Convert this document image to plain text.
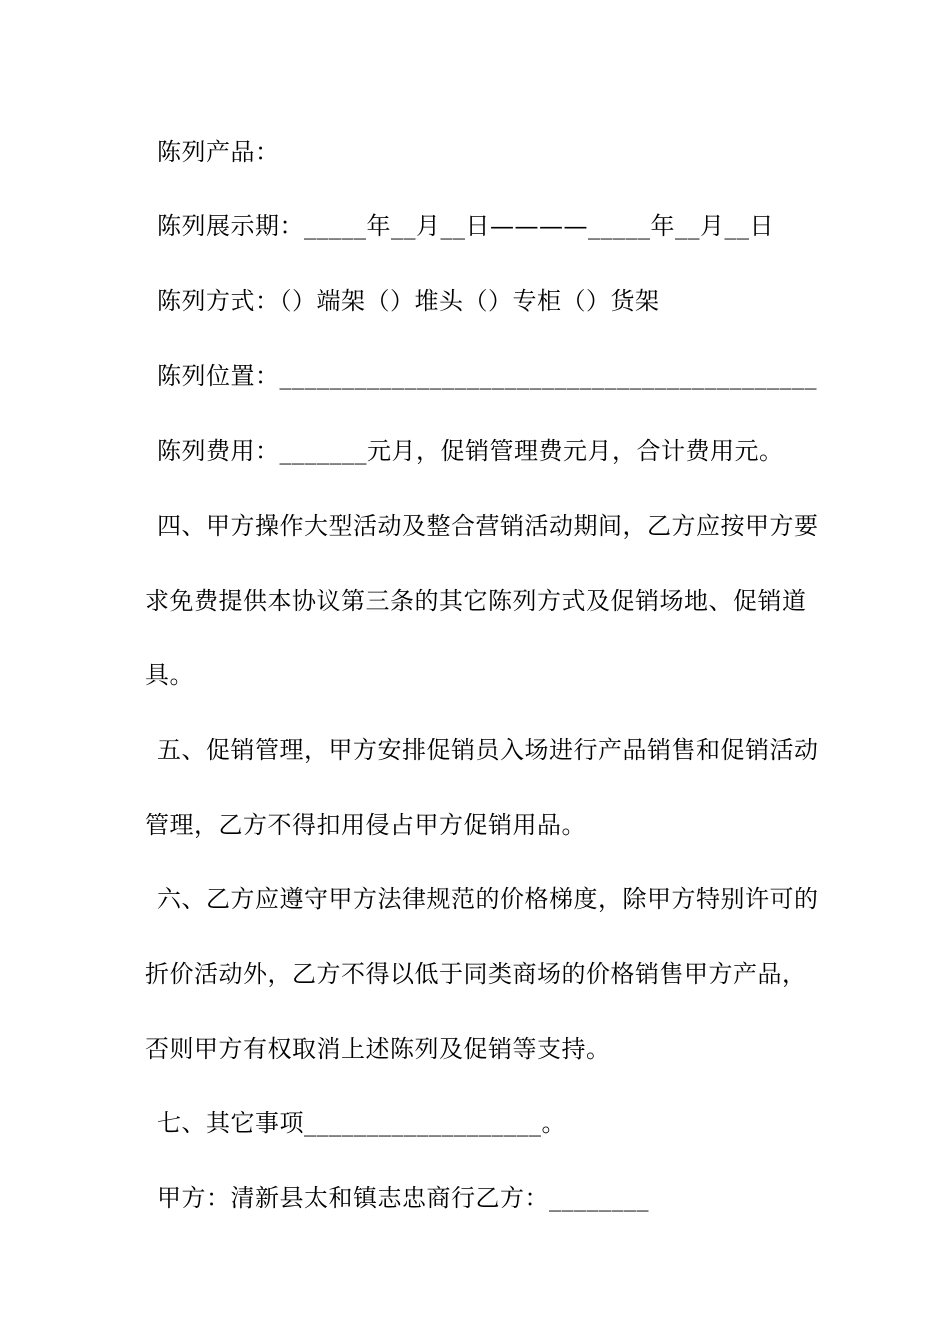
陈列产品：
陈列展示期：_____年__月__日————_____年__月__日
陈列方式：（）端架（）堆头（）专柜（）货架
陈列位置：___________________________________________
陈列费用：_______元月，促销管理费元月，合计费用元。
四、甲方操作大型活动及整合营销活动期间，乙方应按甲方要
求免费提供本协议第三条的其它陈列方式及促销场地、促销道
具。
五、促销管理，甲方安排促销员入场进行产品销售和促销活动
管理，乙方不得扣用侵占甲方促销用品。
六、乙方应遵守甲方法律规范的价格梯度，除甲方特别许可的
折价活动外，乙方不得以低于同类商场的价格销售甲方产品，
否则甲方有权取消上述陈列及促销等支持。
七、其它事项___________________。
甲方：清新县太和镇志忠商行乙方：________
